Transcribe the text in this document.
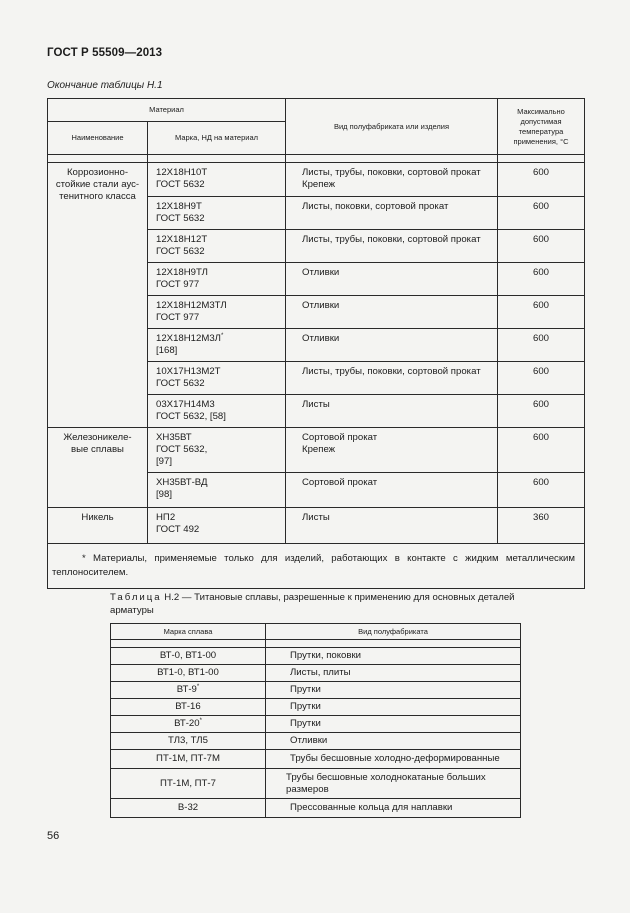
ГОСТ Р 55509—2013
Окончание таблицы Н.1
Материал		Вид полуфабриката или изделия	Максимально
допустимая
температура
применения, °С

Наименование	Марка, НД на материал		

Коррозионно-
стойкие стали аус-
тенитного класса	12Х18Н10Т
ГОСТ 5632	Листы, трубы, поковки, сортовой прокат
Крепеж	600

	12Х18Н9Т
ГОСТ 5632	Листы, поковки, сортовой прокат	600

	12Х18Н12Т
ГОСТ 5632	Листы, трубы, поковки, сортовой прокат	600

	12Х18Н9ТЛ
ГОСТ 977	Отливки	600

	12Х18Н12М3ТЛ
ГОСТ 977	Отливки	600

	12Х18Н12М3Л*
[168]	Отливки	600

	10Х17Н13М2Т
ГОСТ 5632	Листы, трубы, поковки, сортовой прокат	600

	03Х17Н14М3
ГОСТ 5632, [58]	Листы	600

Железоникеле-
вые сплавы	ХН35ВТ
ГОСТ 5632,
[97]	Сортовой прокат
Крепеж	600

	ХН35ВТ-ВД
[98]	Сортовой прокат	600

Никель	НП2
ГОСТ 492	Листы	360
* Материалы, применяемые только для изделий, работающих в контакте с жидким металлическим теплоносителем.			
Таблица Н.2 — Титановые сплавы, разрешенные к применению для основных деталей арматуры
Марка сплава	Вид полуфабриката

ВТ-0, ВТ1-00	Прутки, поковки
ВТ1-0, ВТ1-00	Листы, плиты
ВТ-9*	Прутки
ВТ-16	Прутки
ВТ-20*	Прутки
ТЛ3, ТЛ5	Отливки
ПТ-1М, ПТ-7М	Трубы бесшовные холодно-деформированные
ПТ-1М, ПТ-7	Трубы бесшовные холоднокатаные больших размеров
В-32	Прессованные кольца для наплавки
56
